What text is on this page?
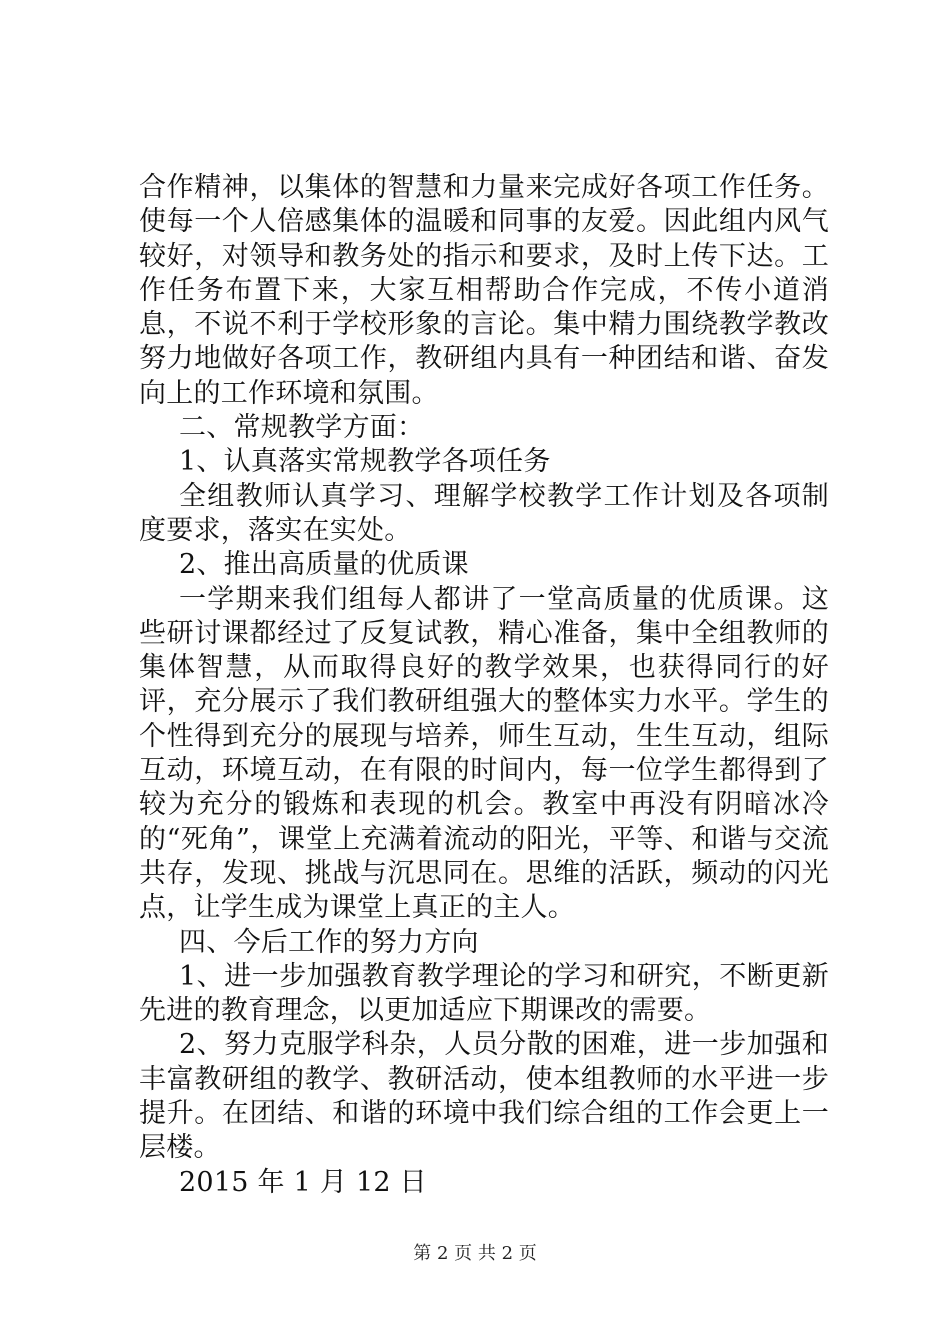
合作精神，以集体的智慧和力量来完成好各项工作任务。使每一个人倍感集体的温暖和同事的友爱。因此组内风气较好，对领导和教务处的指示和要求，及时上传下达。工作任务布置下来，大家互相帮助合作完成，不传小道消息，不说不利于学校形象的言论。集中精力围绕教学教改努力地做好各项工作，教研组内具有一种团结和谐、奋发向上的工作环境和氛围。

二、常规教学方面：

1、认真落实常规教学各项任务

全组教师认真学习、理解学校教学工作计划及各项制度要求，落实在实处。

2、推出高质量的优质课

一学期来我们组每人都讲了一堂高质量的优质课。这些研讨课都经过了反复试教，精心准备，集中全组教师的集体智慧，从而取得良好的教学效果，也获得同行的好评，充分展示了我们教研组强大的整体实力水平。学生的个性得到充分的展现与培养，师生互动，生生互动，组际互动，环境互动，在有限的时间内，每一位学生都得到了较为充分的锻炼和表现的机会。教室中再没有阴暗冰冷的“死角”，课堂上充满着流动的阳光，平等、和谐与交流共存，发现、挑战与沉思同在。思维的活跃，频动的闪光点，让学生成为课堂上真正的主人。

四、今后工作的努力方向

1、进一步加强教育教学理论的学习和研究，不断更新先进的教育理念，以更加适应下期课改的需要。

2、努力克服学科杂，人员分散的困难，进一步加强和丰富教研组的教学、教研活动，使本组教师的水平进一步提升。在团结、和谐的环境中我们综合组的工作会更上一层楼。

2015 年 1 月 12 日

第 2 页 共 2 页
